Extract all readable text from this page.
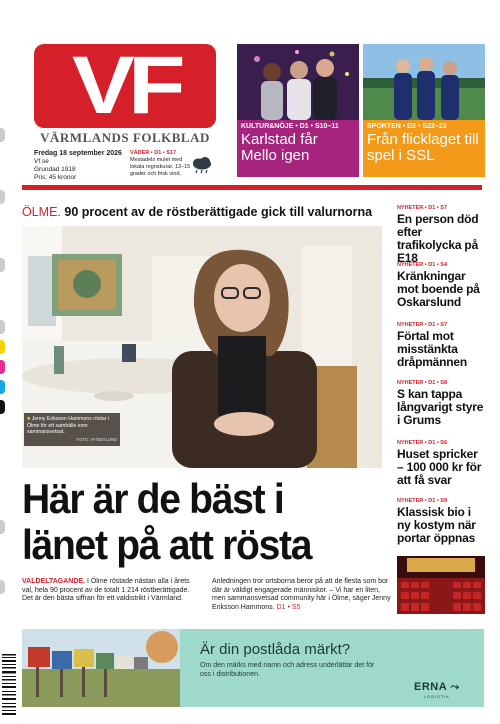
VF
VÄRMLANDS FOLKBLAD
Fredag 18 september 2026
Vf.se
Grundad 1918
Pris: 45 kronor
VÄDER • D1 • S17
Mestadels mulet med lokala regnskurar. 13–15 grader och frisk vind.
KULTUR&NÖJE • D1 • S10–11
Karlstad får Mello igen
SPORTEN • D2 • S22–23
Från flicklaget till spel i SSL
ÖLME. 90 procent av de röstberättigade gick till valurnorna
■ Jenny Eriksson Hammons röstar i Ölme för ett samhälle som sammansvetsat.
FOTO: VF/SEGLUND
Här är de bäst i länet på att rösta
VALDELTAGANDE. I Ölme röstade nästan alla i årets val, hela 90 procent av de totalt 1 214 röstberättigade. Det är den bästa siffran för ett valdistrikt i Värmland.
Anledningen tror ortsborna beror på att de flesta som bor där är väldigt engagerade människor. – Vi har en liten, men sammansvetsad community här i Ölme, säger Jenny Eriksson Hammons. D1 • S5
NYHETER • D1 • S7
En person död efter trafikolycka på E18
NYHETER • D1 • S4
Kränkningar mot boende på Oskarslund
NYHETER • D1 • S7
Förtal mot misstänkta dråpmännen
NYHETER • D1 • S8
S kan tappa långvarigt styre i Grums
NYHETER • D1 • S6
Huset spricker – 100 000 kr för att få svar
NYHETER • D1 • S9
Klassisk bio i ny kostym när portar öppnas
Är din postlåda märkt?
Om den märks med namn och adress underlättar det för oss i distributionen.
ERNA ⤳
LOGISTIK
